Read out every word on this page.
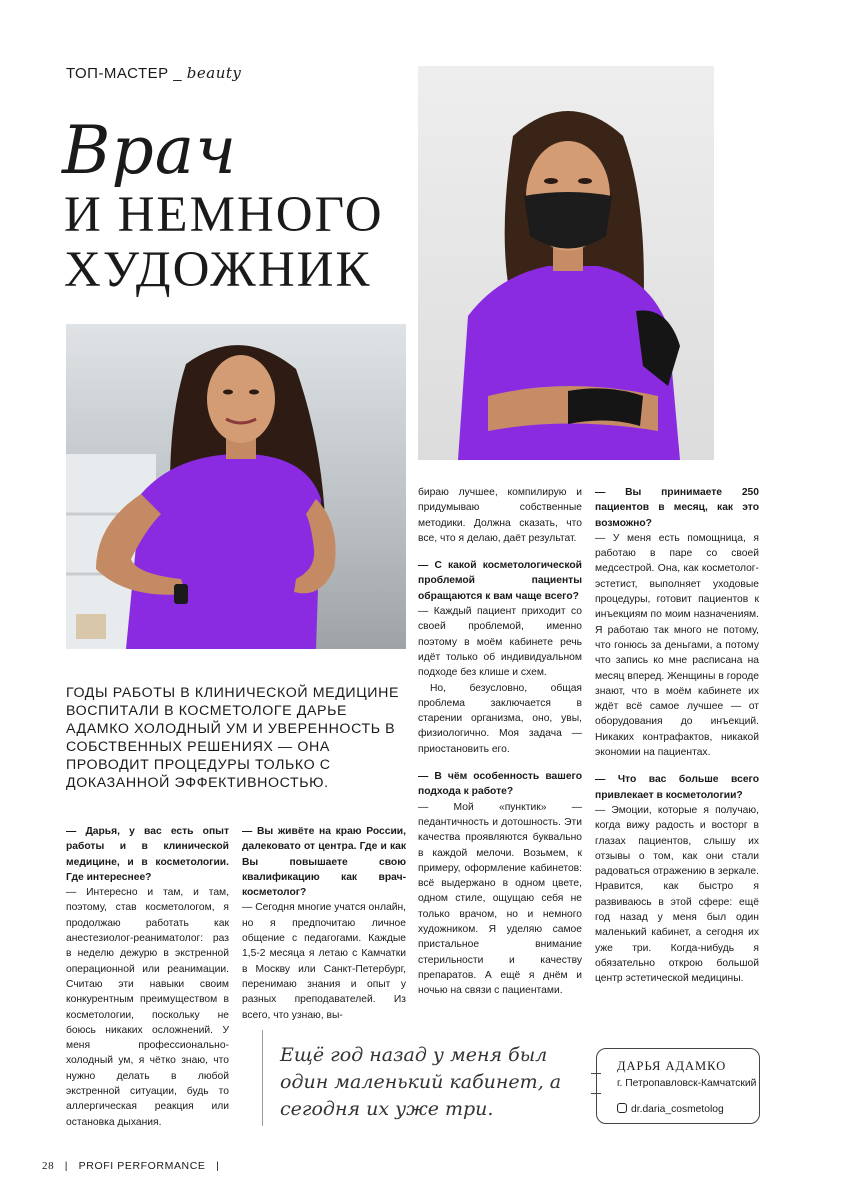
ТОП-МАСТЕР _ beauty
Врач
И НЕМНОГО
ХУДОЖНИК
ГОДЫ РАБОТЫ В КЛИНИЧЕСКОЙ МЕДИЦИНЕ ВОСПИТАЛИ В КОСМЕТОЛОГЕ ДАРЬЕ АДАМКО ХОЛОДНЫЙ УМ И УВЕРЕННОСТЬ В СОБСТВЕННЫХ РЕШЕНИЯХ — ОНА ПРОВОДИТ ПРОЦЕДУРЫ ТОЛЬКО С ДОКАЗАННОЙ ЭФФЕКТИВНОСТЬЮ.

— Дарья, у вас есть опыт работы и в клинической медицине, и в косметологии. Где интереснее?

— Интересно и там, и там, поэтому, став косметологом, я продолжаю работать как анестезиолог-реаниматолог: раз в неделю дежурю в экстренной операционной или реанимации. Считаю эти навыки своим конкурентным преимуществом в косметологии, поскольку не боюсь никаких осложнений. У меня профессионально-холодный ум, я чётко знаю, что нужно делать в любой экстренной ситуации, будь то аллергическая реакция или остановка дыхания.

— Вы живёте на краю России, далековато от центра. Где и как Вы повышаете свою квалификацию как врач-косметолог?

— Сегодня многие учатся онлайн, но я предпочитаю личное общение с педагогами. Каждые 1,5-2 месяца я летаю с Камчатки в Москву или Санкт-Петербург, перенимаю знания и опыт у разных преподавателей. Из всего, что узнаю, вы-

бираю лучшее, компилирую и придумываю собственные методики. Должна сказать, что все, что я делаю, даёт результат.

— С какой косметологической проблемой пациенты обращаются к вам чаще всего?

— Каждый пациент приходит со своей проблемой, именно поэтому в моём кабинете речь идёт только об индивидуальном подходе без клише и схем.

Но, безусловно, общая проблема заключается в старении организма, оно, увы, физиологично. Моя задача — приостановить его.

— В чём особенность вашего подхода к работе?

— Мой «пунктик» — педантичность и дотошность. Эти качества проявляются буквально в каждой мелочи. Возьмем, к примеру, оформление кабинетов: всё выдержано в одном цвете, одном стиле, ощущаю себя не только врачом, но и немного художником. Я уделяю самое пристальное внимание стерильности и качеству препаратов. А ещё я днём и ночью на связи с пациентами.

— Вы принимаете 250 пациентов в месяц, как это возможно?

— У меня есть помощница, я работаю в паре со своей медсестрой. Она, как косметолог-эстетист, выполняет уходовые процедуры, готовит пациентов к инъекциям по моим назначениям. Я работаю так много не потому, что гонюсь за деньгами, а потому что запись ко мне расписана на месяц вперед. Женщины в городе знают, что в моём кабинете их ждёт всё самое лучшее — от оборудования до инъекций. Никаких контрафактов, никакой экономии на пациентах.

— Что вас больше всего привлекает в косметологии?

— Эмоции, которые я получаю, когда вижу радость и восторг в глазах пациентов, слышу их отзывы о том, как они стали радоваться отражению в зеркале. Нравится, как быстро я развиваюсь в этой сфере: ещё год назад у меня был один маленький кабинет, а сегодня их уже три. Когда-нибудь я обязательно открою большой центр эстетической медицины.

Ещё год назад у меня был один маленький кабинет, а сегодня их уже три.
ДАРЬЯ АДАМКО
г. Петропавловск-Камчатский
dr.daria_cosmetolog
28 | PROFI PERFORMANCE |
